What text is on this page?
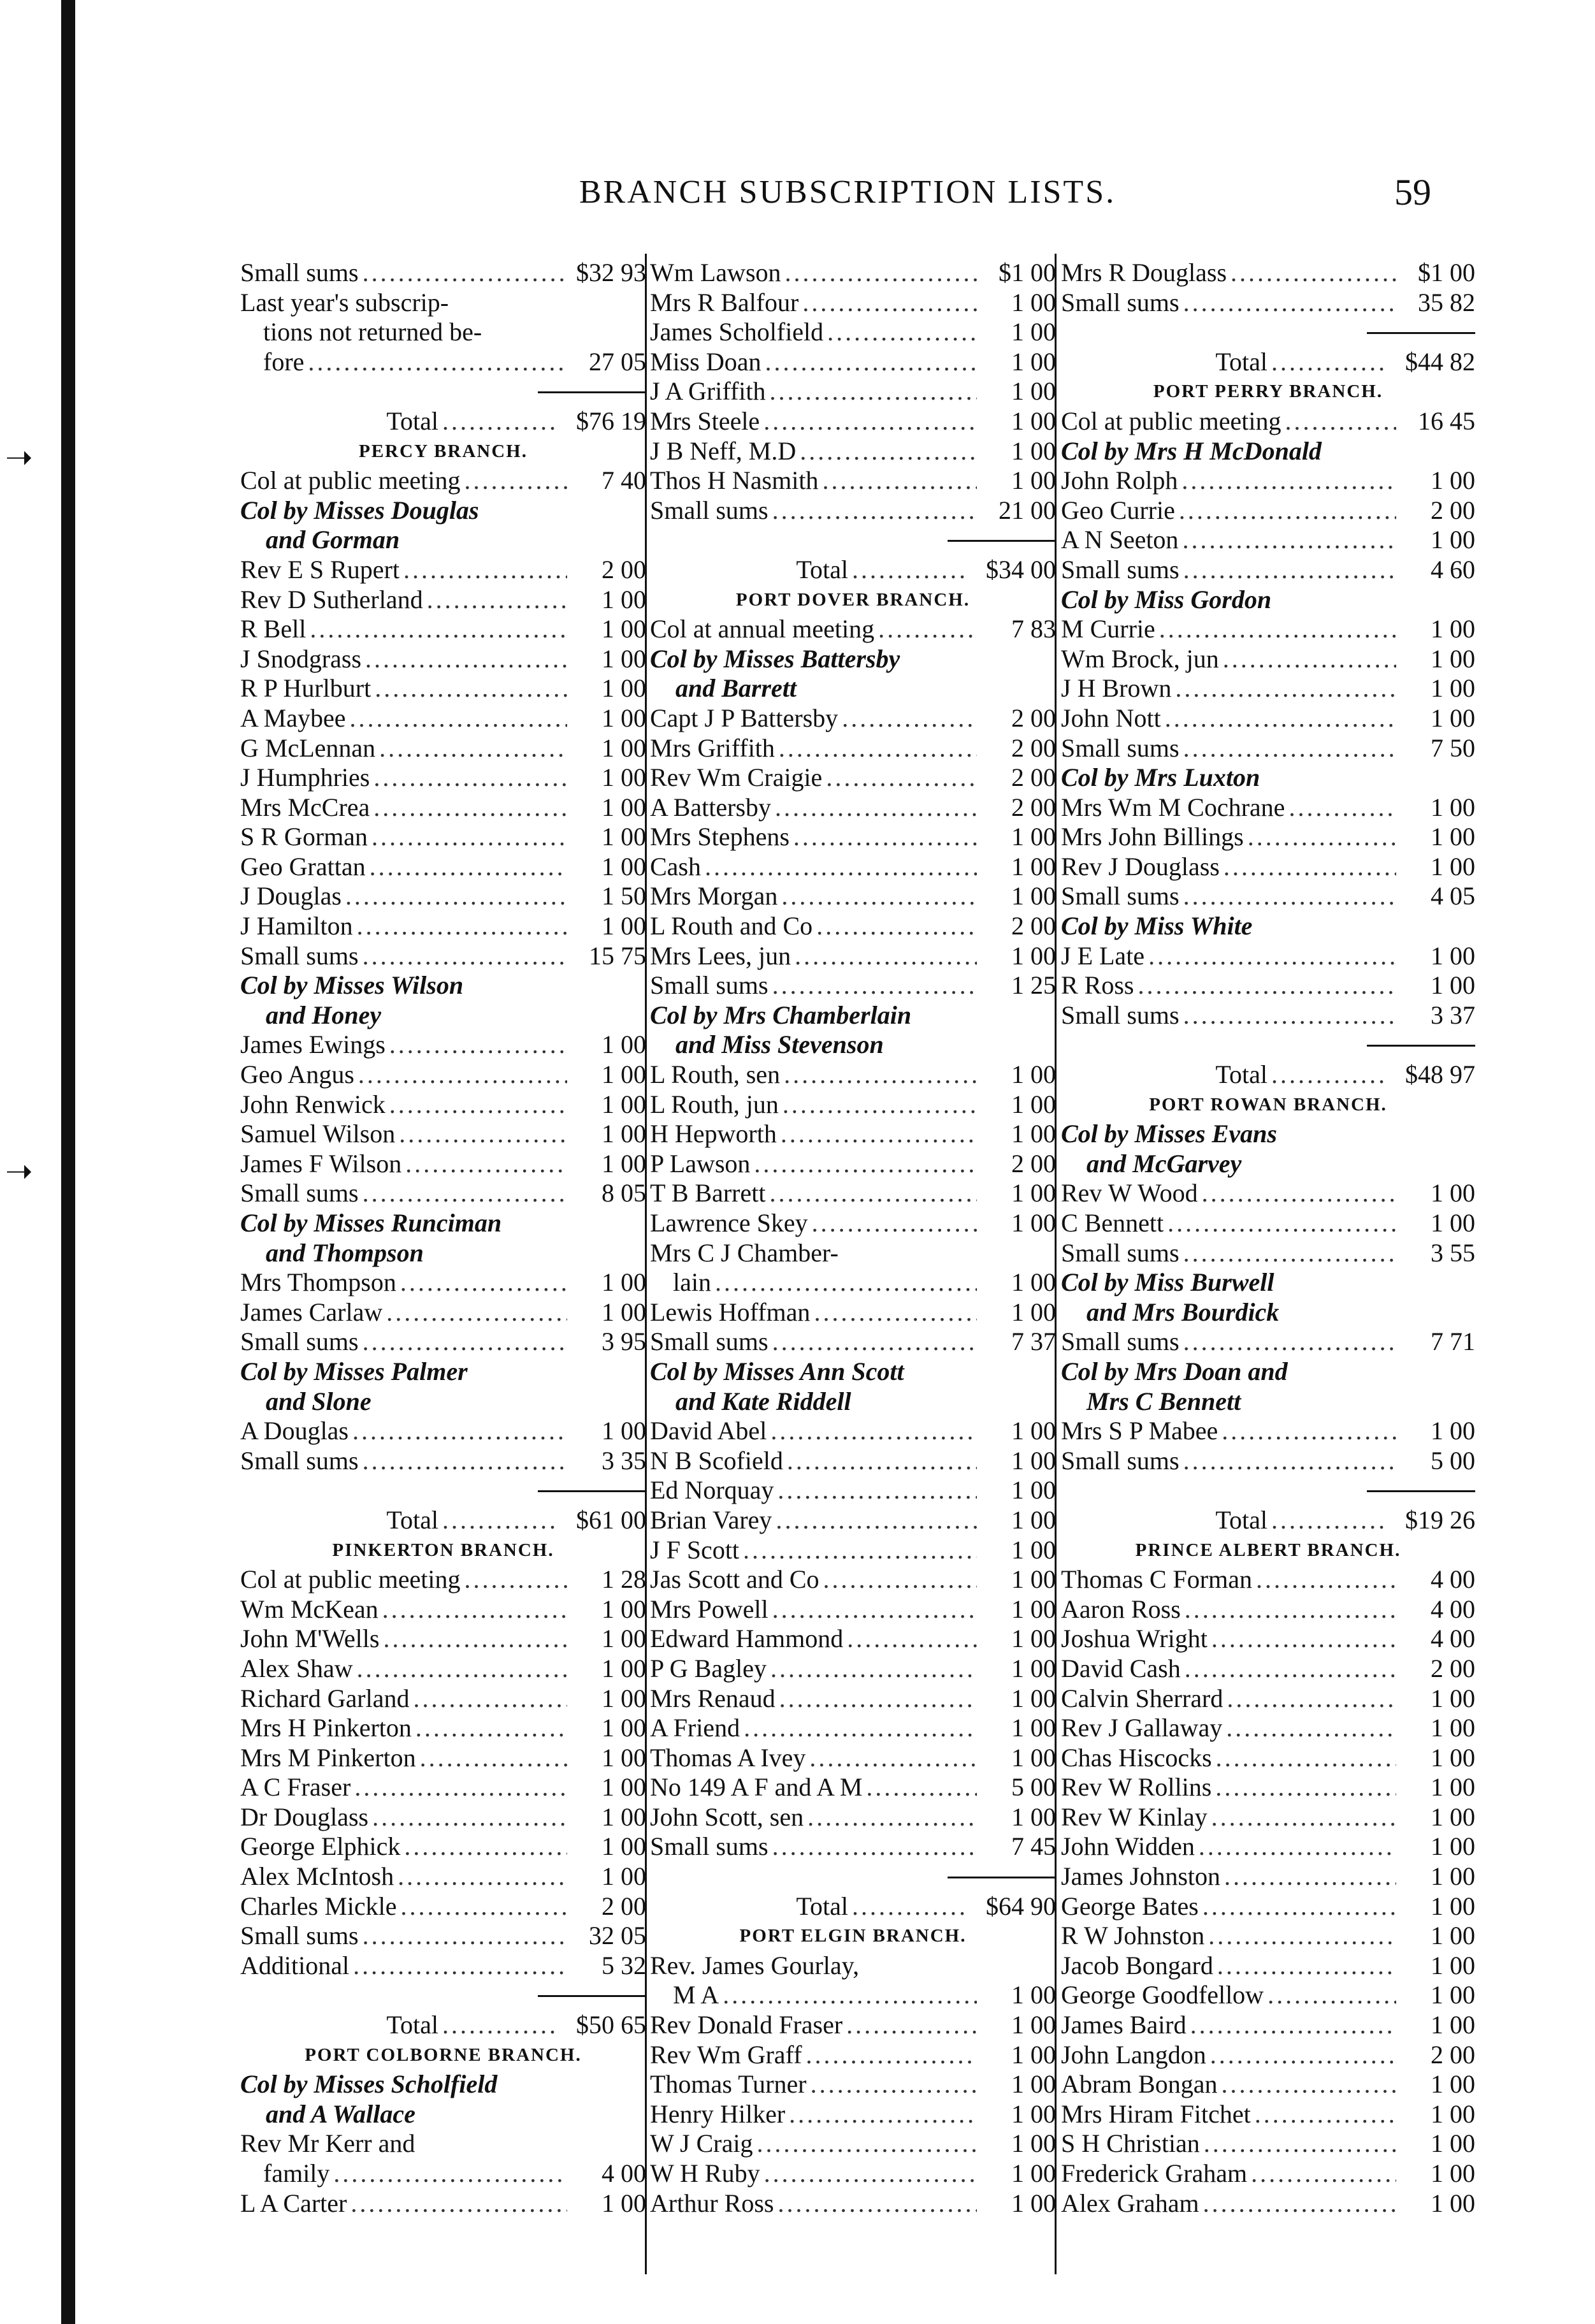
BRANCH SUBSCRIPTION LISTS.	59
Small sums .....	$32 93
Last year's subscrip-
tions not returned be-
fore .....	27 05
Total .....	$76 19
PERCY BRANCH.
Col at public meeting .....	7 40
Col by Misses Douglas
and Gorman
Rev E S Rupert .....	2 00
Rev D Sutherland .....	1 00
R Bell .....	1 00
J Snodgrass .....	1 00
R P Hurlburt .....	1 00
A Maybee .....	1 00
G McLennan .....	1 00
J Humphries .....	1 00
Mrs McCrea .....	1 00
S R Gorman .....	1 00
Geo Grattan .....	1 00
J Douglas .....	1 50
J Hamilton .....	1 00
Small sums .....	15 75
Col by Misses Wilson
and Honey
James Ewings .....	1 00
Geo Angus .....	1 00
John Renwick .....	1 00
Samuel Wilson .....	1 00
James F Wilson .....	1 00
Small sums .....	8 05
Col by Misses Runciman
and Thompson
Mrs Thompson .....	1 00
James Carlaw .....	1 00
Small sums .....	3 95
Col by Misses Palmer
and Slone
A Douglas .....	1 00
Small sums .....	3 35
Total .....	$61 00
PINKERTON BRANCH.
Col at public meeting .....	1 28
Wm McKean .....	1 00
John M'Wells .....	1 00
Alex Shaw .....	1 00
Richard Garland .....	1 00
Mrs H Pinkerton .....	1 00
Mrs M Pinkerton .....	1 00
A C Fraser .....	1 00
Dr Douglass .....	1 00
George Elphick .....	1 00
Alex McIntosh .....	1 00
Charles Mickle .....	2 00
Small sums .....	32 05
Additional .....	5 32
Total .....	$50 65
PORT COLBORNE BRANCH.
Col by Misses Scholfield
and A Wallace
Rev Mr Kerr and
family .....	4 00
L A Carter .....	1 00
Wm Lawson .....	$1 00
Mrs R Balfour .....	1 00
James Scholfield .....	1 00
Miss Doan .....	1 00
J A Griffith .....	1 00
Mrs Steele .....	1 00
J B Neff, M.D .....	1 00
Thos H Nasmith .....	1 00
Small sums .....	21 00
Total .....	$34 00
PORT DOVER BRANCH.
Col at annual meeting .....	7 83
Col by Misses Battersby
and Barrett
Capt J P Battersby .....	2 00
Mrs Griffith .....	2 00
Rev Wm Craigie .....	2 00
A Battersby .....	2 00
Mrs Stephens .....	1 00
Cash .....	1 00
Mrs Morgan .....	1 00
L Routh and Co .....	2 00
Mrs Lees, jun .....	1 00
Small sums .....	1 25
Col by Mrs Chamberlain
and Miss Stevenson
L Routh, sen .....	1 00
L Routh, jun .....	1 00
H Hepworth .....	1 00
P Lawson .....	2 00
T B Barrett .....	1 00
Lawrence Skey .....	1 00
Mrs C J Chamber-
lain .....	1 00
Lewis Hoffman .....	1 00
Small sums .....	7 37
Col by Misses Ann Scott
and Kate Riddell
David Abel .....	1 00
N B Scofield .....	1 00
Ed Norquay .....	1 00
Brian Varey .....	1 00
J F Scott .....	1 00
Jas Scott and Co .....	1 00
Mrs Powell .....	1 00
Edward Hammond .....	1 00
P G Bagley .....	1 00
Mrs Renaud .....	1 00
A Friend .....	1 00
Thomas A Ivey .....	1 00
No 149 A F and A M .....	5 00
John Scott, sen .....	1 00
Small sums .....	7 45
Total .....	$64 90
PORT ELGIN BRANCH.
Rev. James Gourlay,
M A .....	1 00
Rev Donald Fraser .....	1 00
Rev Wm Graff .....	1 00
Thomas Turner .....	1 00
Henry Hilker .....	1 00
W J Craig .....	1 00
W H Ruby .....	1 00
Arthur Ross .....	1 00
Mrs R Douglass .....	$1 00
Small sums .....	35 82
Total .....	$44 82
PORT PERRY BRANCH.
Col at public meeting .....	16 45
Col by Mrs H McDonald
John Rolph .....	1 00
Geo Currie .....	2 00
A N Seeton .....	1 00
Small sums .....	4 60
Col by Miss Gordon
M Currie .....	1 00
Wm Brock, jun .....	1 00
J H Brown .....	1 00
John Nott .....	1 00
Small sums .....	7 50
Col by Mrs Luxton
Mrs Wm M Cochrane .....	1 00
Mrs John Billings .....	1 00
Rev J Douglass .....	1 00
Small sums .....	4 05
Col by Miss White
J E Late .....	1 00
R Ross .....	1 00
Small sums .....	3 37
Total .....	$48 97
PORT ROWAN BRANCH.
Col by Misses Evans
and McGarvey
Rev W Wood .....	1 00
C Bennett .....	1 00
Small sums .....	3 55
Col by Miss Burwell
and Mrs Bourdick
Small sums .....	7 71
Col by Mrs Doan and
Mrs C Bennett
Mrs S P Mabee .....	1 00
Small sums .....	5 00
Total .....	$19 26
PRINCE ALBERT BRANCH.
Thomas C Forman .....	4 00
Aaron Ross .....	4 00
Joshua Wright .....	4 00
David Cash .....	2 00
Calvin Sherrard .....	1 00
Rev J Gallaway .....	1 00
Chas Hiscocks .....	1 00
Rev W Rollins .....	1 00
Rev W Kinlay .....	1 00
John Widden .....	1 00
James Johnston .....	1 00
George Bates .....	1 00
R W Johnston .....	1 00
Jacob Bongard .....	1 00
George Goodfellow .....	1 00
James Baird .....	1 00
John Langdon .....	2 00
Abram Bongan .....	1 00
Mrs Hiram Fitchet .....	1 00
S H Christian .....	1 00
Frederick Graham .....	1 00
Alex Graham .....	1 00
➝
➝
